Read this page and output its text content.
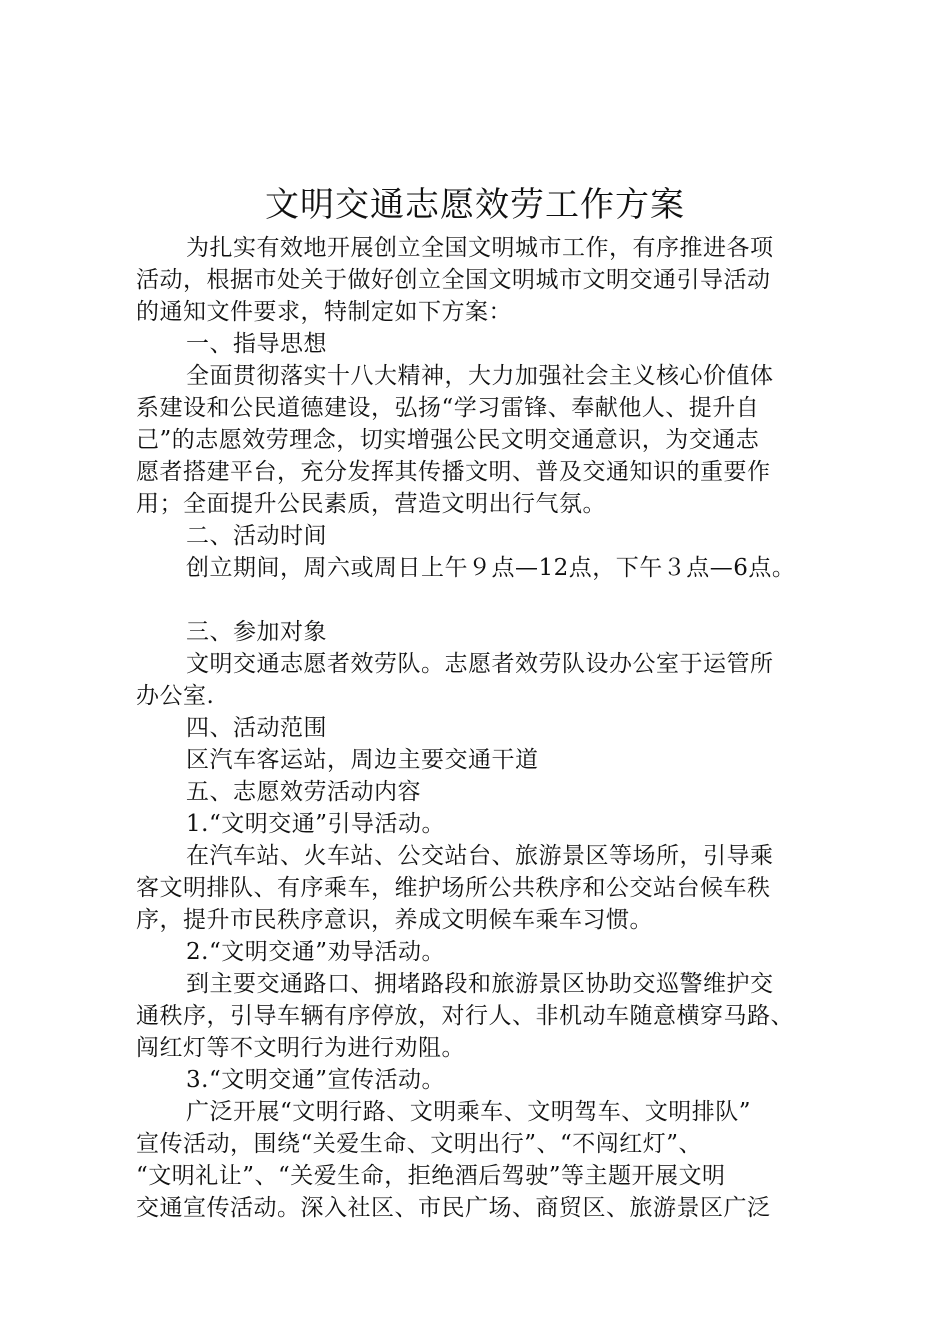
文明交通志愿效劳工作方案
为扎实有效地开展创立全国文明城市工作，有序推进各项
活动，根据市处关于做好创立全国文明城市文明交通引导活动
的通知文件要求，特制定如下方案：
一、指导思想
全面贯彻落实十八大精神，大力加强社会主义核心价值体
系建设和公民道德建设，弘扬“学习雷锋、奉献他人、提升自
己”的志愿效劳理念，切实增强公民文明交通意识，为交通志
愿者搭建平台，充分发挥其传播文明、普及交通知识的重要作
用；全面提升公民素质，营造文明出行气氛。
二、活动时间
创立期间，周六或周日上午９点—12点，下午３点—6点。
三、参加对象
文明交通志愿者效劳队。志愿者效劳队设办公室于运管所
办公室.
四、活动范围
区汽车客运站，周边主要交通干道
五、志愿效劳活动内容
1.“文明交通”引导活动。
在汽车站、火车站、公交站台、旅游景区等场所，引导乘
客文明排队、有序乘车，维护场所公共秩序和公交站台候车秩
序，提升市民秩序意识，养成文明候车乘车习惯。
2.“文明交通”劝导活动。
到主要交通路口、拥堵路段和旅游景区协助交巡警维护交
通秩序，引导车辆有序停放，对行人、非机动车随意横穿马路、
闯红灯等不文明行为进行劝阻。
3.“文明交通”宣传活动。
广泛开展“文明行路、文明乘车、文明驾车、文明排队”
宣传活动，围绕“关爱生命、文明出行”、“不闯红灯”、
“文明礼让”、“关爱生命，拒绝酒后驾驶”等主题开展文明
交通宣传活动。深入社区、市民广场、商贸区、旅游景区广泛
